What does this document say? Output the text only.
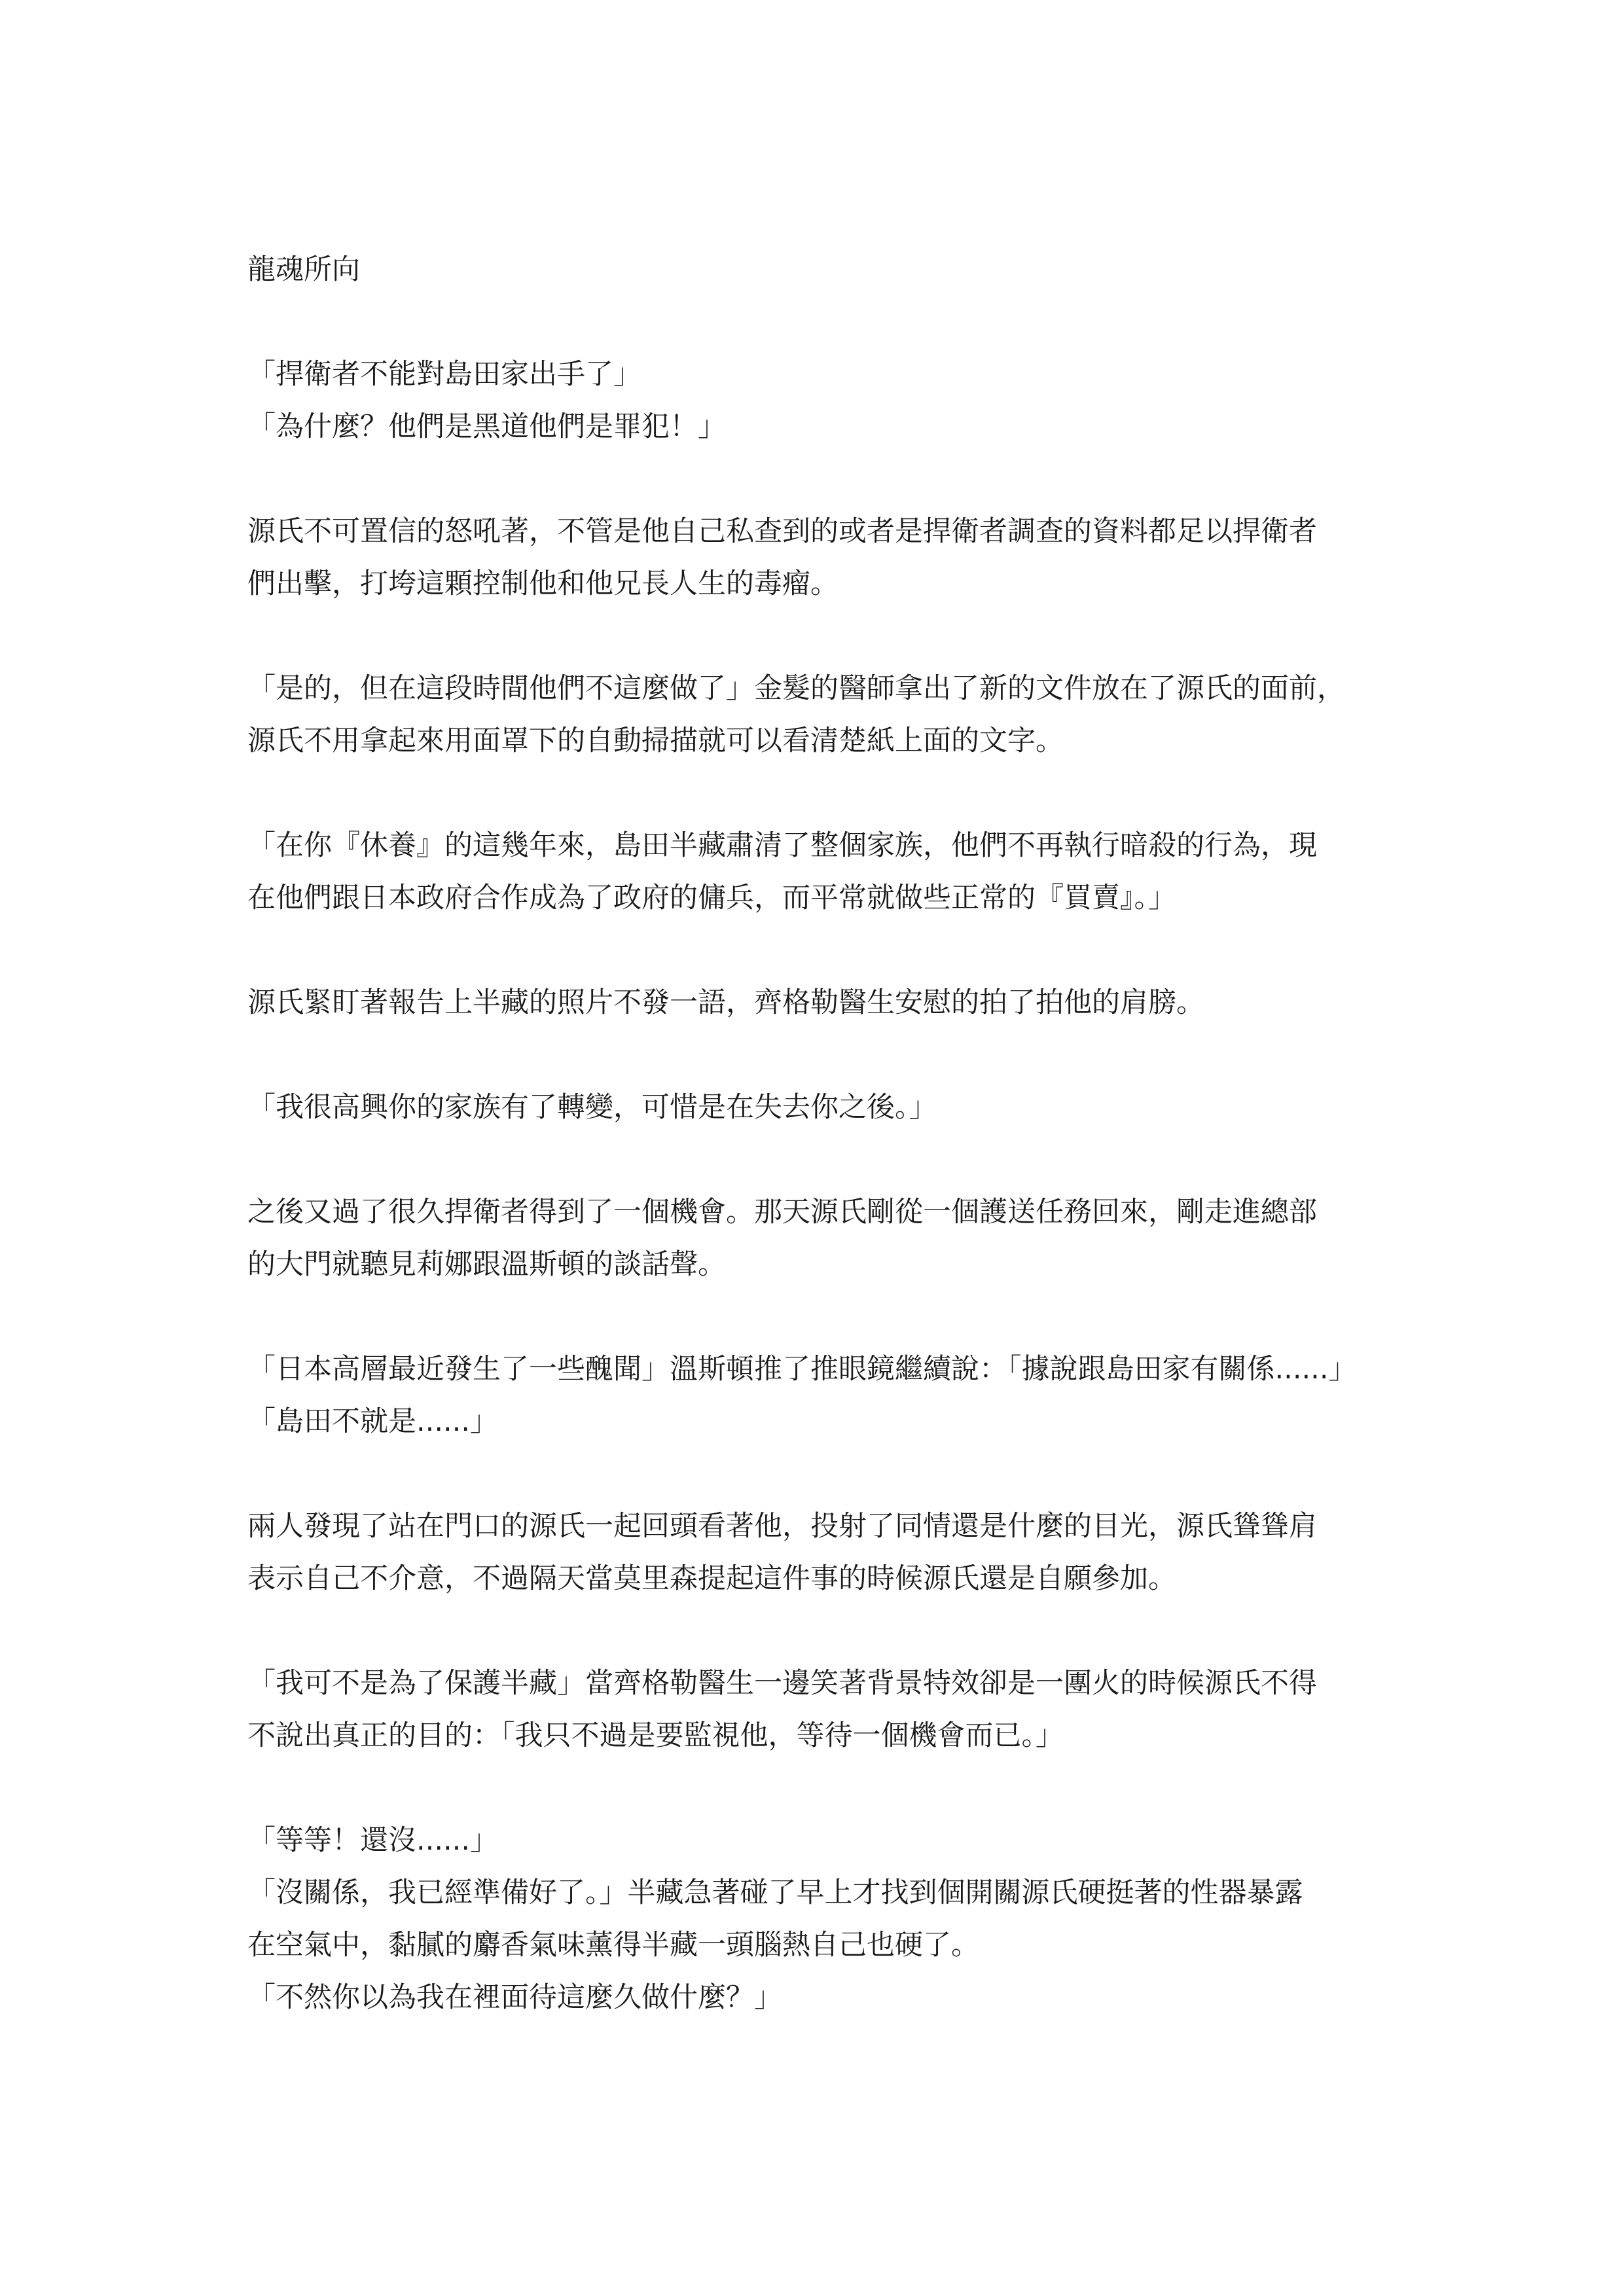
龍魂所向
「捍衛者不能對島田家出手了」
「為什麼？他們是黑道他們是罪犯！」
源氏不可置信的怒吼著，不管是他自己私查到的或者是捍衛者調查的資料都足以捍衛者
們出擊，打垮這顆控制他和他兄長人生的毒瘤。
「是的，但在這段時間他們不這麼做了」金髮的醫師拿出了新的文件放在了源氏的面前，
源氏不用拿起來用面罩下的自動掃描就可以看清楚紙上面的文字。
「在你『休養』的這幾年來，島田半藏肅清了整個家族，他們不再執行暗殺的行為，現
在他們跟日本政府合作成為了政府的傭兵，而平常就做些正常的『買賣』。」
源氏緊盯著報告上半藏的照片不發一語，齊格勒醫生安慰的拍了拍他的肩膀。
「我很高興你的家族有了轉變，可惜是在失去你之後。」
之後又過了很久捍衛者得到了一個機會。那天源氏剛從一個護送任務回來，剛走進總部
的大門就聽見莉娜跟溫斯頓的談話聲。
「日本高層最近發生了一些醜聞」溫斯頓推了推眼鏡繼續說：「據說跟島田家有關係......」
「島田不就是......」
兩人發現了站在門口的源氏一起回頭看著他，投射了同情還是什麼的目光，源氏聳聳肩
表示自己不介意，不過隔天當莫里森提起這件事的時候源氏還是自願參加。
「我可不是為了保護半藏」當齊格勒醫生一邊笑著背景特效卻是一團火的時候源氏不得
不說出真正的目的：「我只不過是要監視他，等待一個機會而已。」
「等等！還沒......」
「沒關係，我已經準備好了。」半藏急著碰了早上才找到個開關源氏硬挺著的性器暴露
在空氣中，黏膩的麝香氣味薰得半藏一頭腦熱自己也硬了。
「不然你以為我在裡面待這麼久做什麼？」
